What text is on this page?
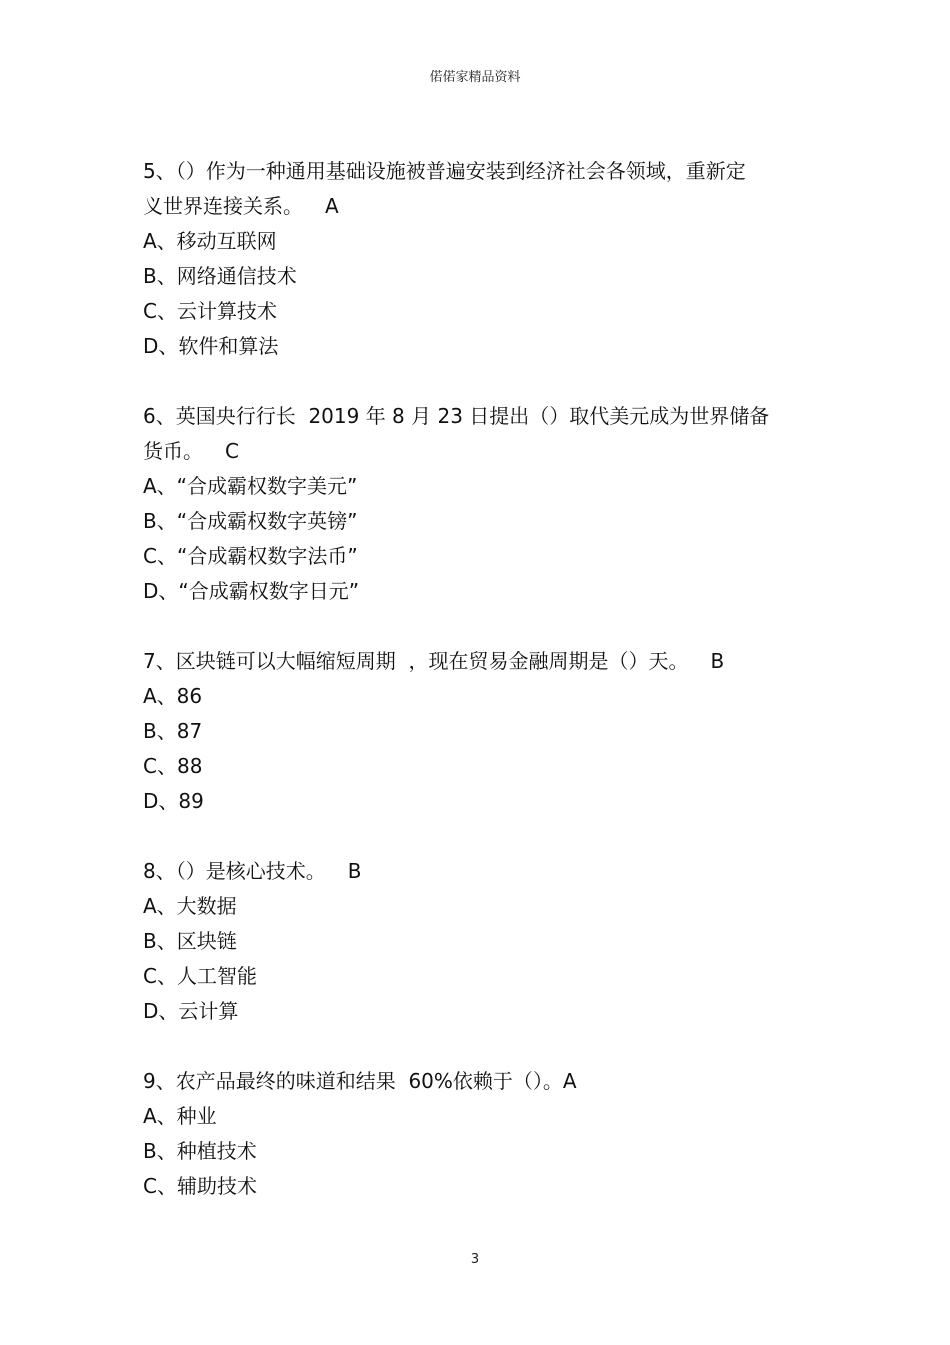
偌偌家精品资料
5、（）作为一种通用基础设施被普遍安装到经济社会各领域，重新定
义世界连接关系。 A
A、移动互联网
B、网络通信技术
C、云计算技术
D、软件和算法
6、英国央行行长  2019 年 8 月 23 日提出（）取代美元成为世界储备
货币。 C
A、“合成霸权数字美元”
B、“合成霸权数字英镑”
C、“合成霸权数字法币”
D、“合成霸权数字日元”
7、区块链可以大幅缩短周期  ，现在贸易金融周期是（）天。 B
A、86
B、87
C、88
D、89
8、（）是核心技术。 B
A、大数据
B、区块链
C、人工智能
D、云计算
9、农产品最终的味道和结果  60%依赖于（）。A
A、种业
B、种植技术
C、辅助技术
3
